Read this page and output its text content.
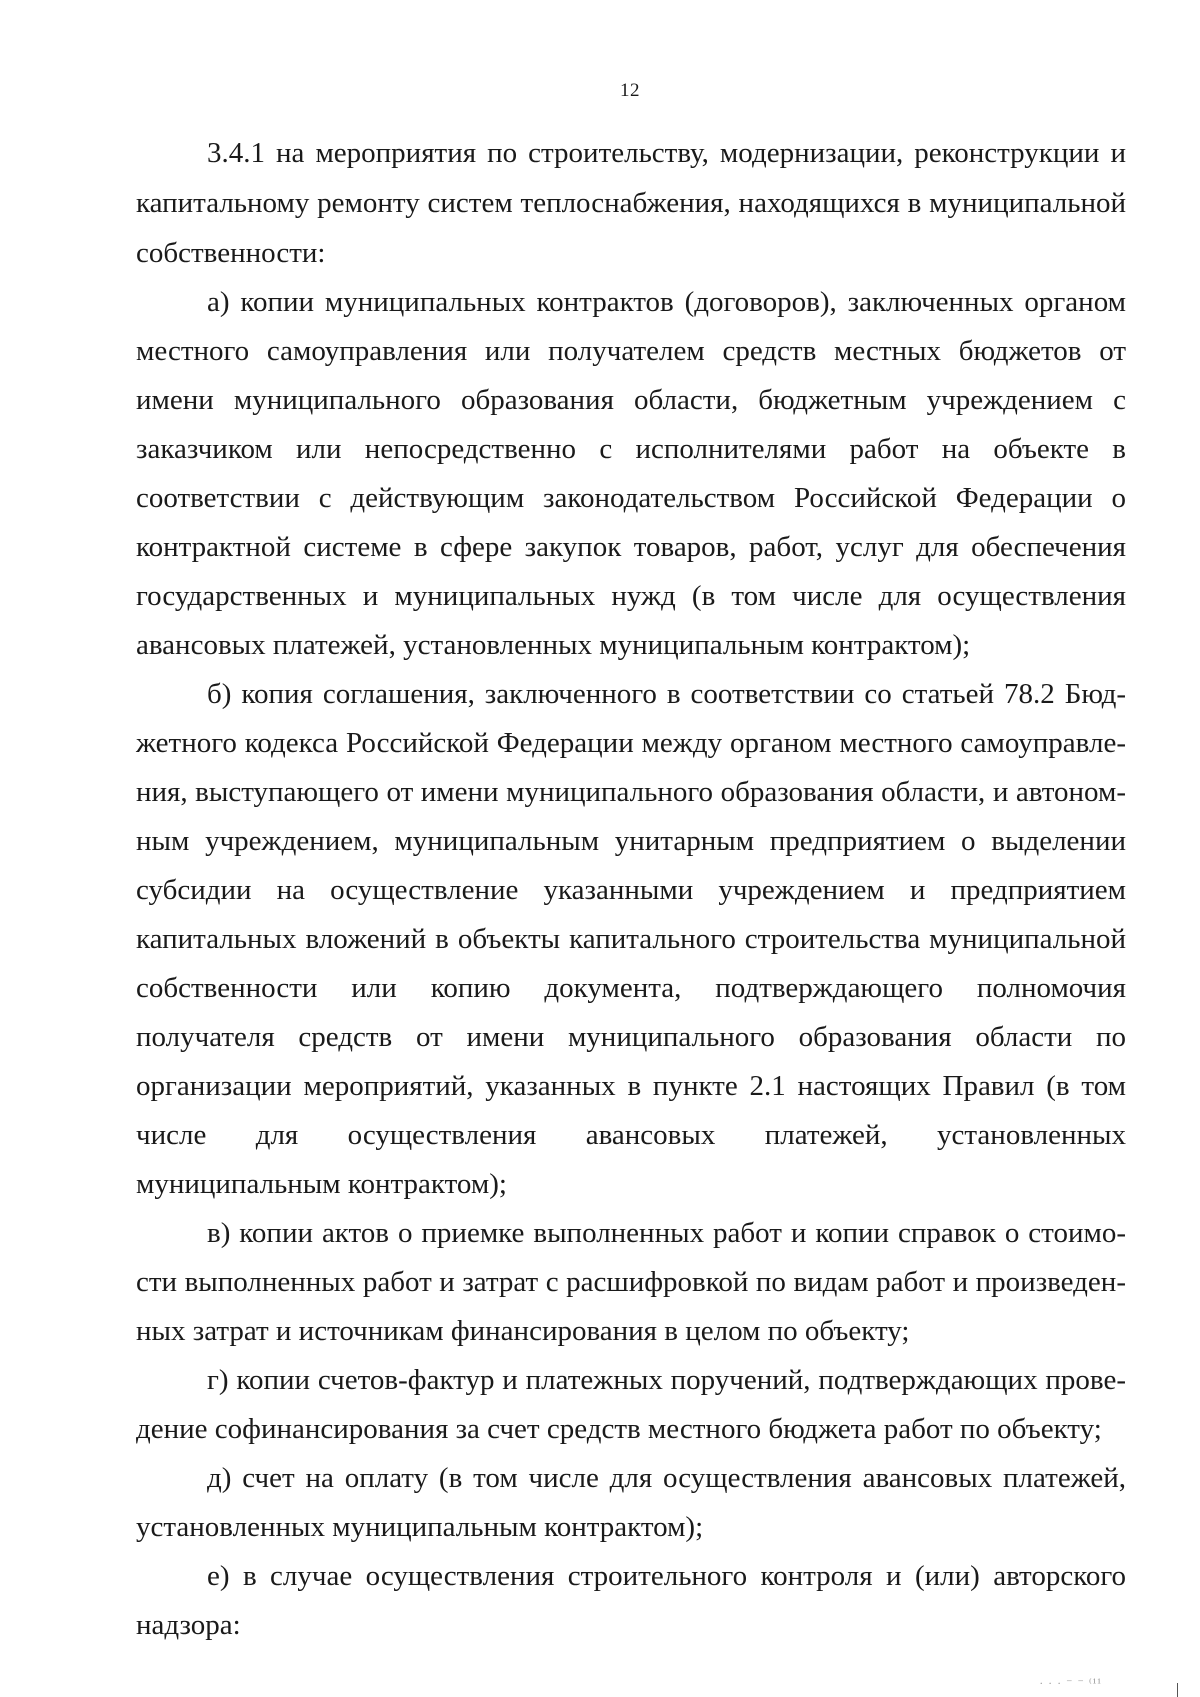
12

3.4.1 на мероприятия по строительству, модернизации, реконструкции и капитальному ремонту систем теплоснабжения, находящихся в муниципальной собственности:

а) копии муниципальных контрактов (договоров), заключенных органом местного самоуправления или получателем средств местных бюджетов от имени муниципального образования области, бюджетным учреждением с заказчиком или непосредственно с исполнителями работ на объекте в соответствии с действующим законодательством Российской Федерации о контрактной системе в сфере закупок товаров, работ, услуг для обеспечения государственных и муниципальных нужд (в том числе для осуществления авансовых платежей, установленных муниципальным контрактом);

б) копия соглашения, заключенного в соответствии со статьей 78.2 Бюджетного кодекса Российской Федерации между органом местного самоуправления, выступающего от имени муниципального образования области, и автономным учреждением, муниципальным унитарным предприятием о выделении субсидии на осуществление указанными учреждением и предприятием капитальных вложений в объекты капитального строительства муниципальной собственности или копию документа, подтверждающего полномочия получателя средств от имени муниципального образования области по организации мероприятий, указанных в пункте 2.1 настоящих Правил (в том числе для осуществления авансовых платежей, установленных муниципальным контрактом);

в) копии актов о приемке выполненных работ и копии справок о стоимости выполненных работ и затрат с расшифровкой по видам работ и произведенных затрат и источникам финансирования в целом по объекту;

г) копии счетов-фактур и платежных поручений, подтверждающих проведение софинансирования за счет средств местного бюджета работ по объекту;

д) счет на оплату (в том числе для осуществления авансовых платежей, установленных муниципальным контрактом);

е) в случае осуществления строительного контроля и (или) авторского надзора:

· · · ⁻ ⁻ ⁽¹¹
